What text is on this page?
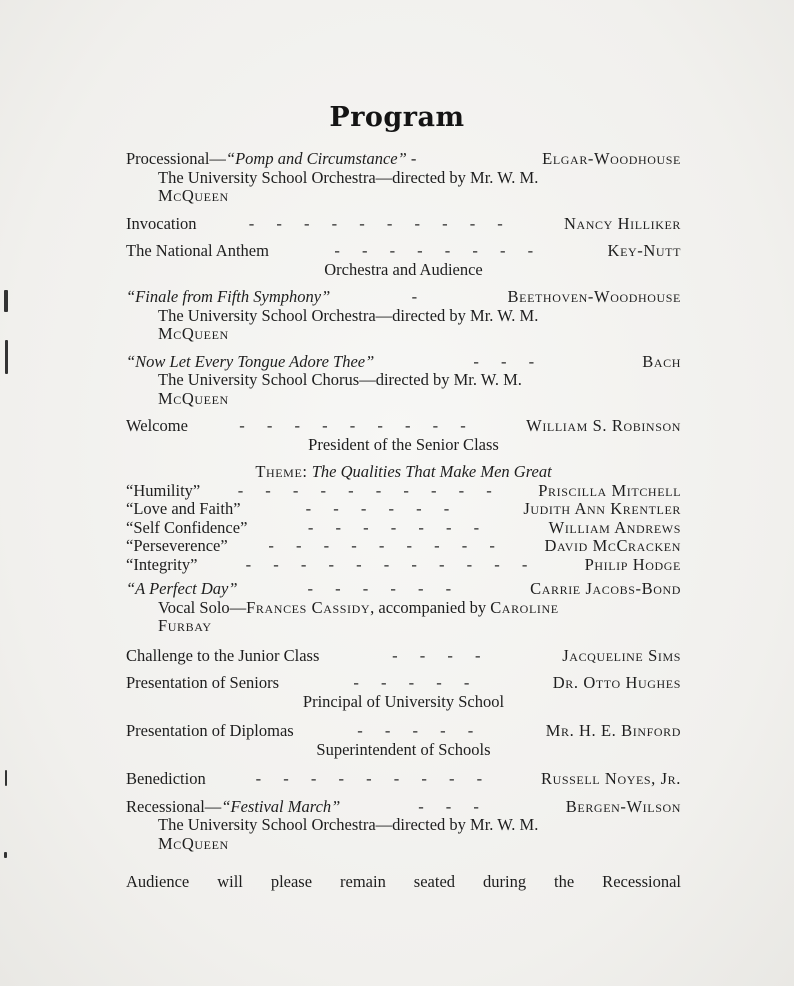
Program
Processional—“Pomp and Circumstance” -	Elgar-Woodhouse
The University School Orchestra—directed by Mr. W. M.
McQueen
Invocation	- - - - - - - - - -	Nancy Hilliker
The National Anthem	- - - - - - - -	Key-Nutt
Orchestra and Audience
“Finale from Fifth Symphony”	-	Beethoven-Woodhouse
The University School Orchestra—directed by Mr. W. M.
McQueen
“Now Let Every Tongue Adore Thee”	- - -	Bach
The University School Chorus—directed by Mr. W. M.
McQueen
Welcome	- - - - - - - - -	William S. Robinson
President of the Senior Class
Theme: The Qualities That Make Men Great
“Humility”	- - - - - - - - - -	Priscilla Mitchell
“Love and Faith”	- - - - - -	Judith Ann Krentler
“Self Confidence”	- - - - - - -	William Andrews
“Perseverence”	- - - - - - - - -	David McCracken
“Integrity”	- - - - - - - - - - -	Philip Hodge
“A Perfect Day”	- - - - - -	Carrie Jacobs-Bond
Vocal Solo—Frances Cassidy, accompanied by Caroline
Furbay
Challenge to the Junior Class	- - - -	Jacqueline Sims
Presentation of Seniors	- - - - -	Dr. Otto Hughes
Principal of University School
Presentation of Diplomas	- - - - -	Mr. H. E. Binford
Superintendent of Schools
Benediction	- - - - - - - - -	Russell Noyes, Jr.
Recessional—“Festival March”	- - -	Bergen-Wilson
The University School Orchestra—directed by Mr. W. M.
McQueen
Audience will please remain seated during the Recessional
